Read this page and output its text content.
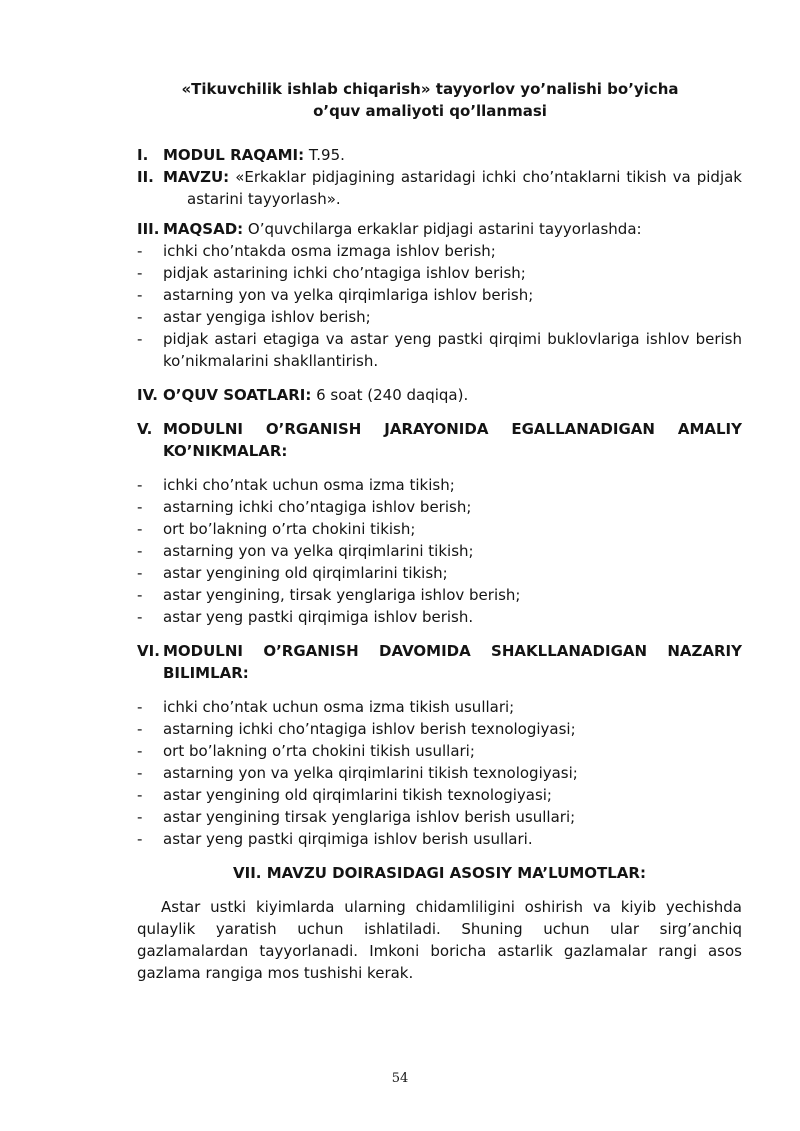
«Tikuvchilik ishlab chiqarish» tayyorlov yo’nalishi bo’yicha
o’quv amaliyoti qo’llanmasi
I. MODUL RAQAMI: T.95.
II. MAVZU: «Erkaklar pidjagining astaridagi ichki cho’ntaklarni tikish va pidjak astarini tayyorlash».
III. MAQSAD: O’quvchilarga erkaklar pidjagi astarini tayyorlashda:
-	ichki cho’ntakda osma izmaga ishlov berish;
-	pidjak astarining ichki cho’ntagiga ishlov berish;
-	astarning yon va yelka qirqimlariga ishlov berish;
-	astar yengiga ishlov berish;
-	pidjak astari etagiga va astar yeng pastki qirqimi buklovlariga ishlov berish ko’nikmalarini shakllantirish.
IV. O’QUV SOATLARI: 6 soat (240 daqiqa).
V. MODULNI O’RGANISH JARAYONIDA EGALLANADIGAN AMALIY
KO’NIKMALAR:
-	ichki cho’ntak uchun osma izma tikish;
-	astarning ichki cho’ntagiga ishlov berish;
-	ort bo’lakning o’rta chokini tikish;
-	astarning yon va yelka qirqimlarini tikish;
-	astar yengining old qirqimlarini tikish;
-	astar yengining, tirsak yenglariga ishlov berish;
-	astar yeng pastki qirqimiga ishlov berish.
VI. MODULNI O’RGANISH DAVOMIDA SHAKLLANADIGAN NAZARIY
BILIMLAR:
-	ichki cho’ntak uchun osma izma tikish usullari;
-	astarning ichki cho’ntagiga ishlov berish texnologiyasi;
-	ort bo’lakning o’rta chokini tikish usullari;
-	astarning yon va yelka qirqimlarini tikish texnologiyasi;
-	astar yengining old qirqimlarini tikish texnologiyasi;
-	astar yengining tirsak yenglariga ishlov berish usullari;
-	astar yeng pastki qirqimiga ishlov berish usullari.
VII. MAVZU DOIRASIDAGI ASOSIY MA’LUMOTLAR:
Astar ustki kiyimlarda ularning chidamliligini oshirish va kiyib yechishda qulaylik yaratish uchun ishlatiladi. Shuning uchun ular sirg’anchiq gazlamalardan tayyorlanadi. Imkoni boricha astarlik gazlamalar rangi asos gazlama rangiga mos tushishi kerak.
54
